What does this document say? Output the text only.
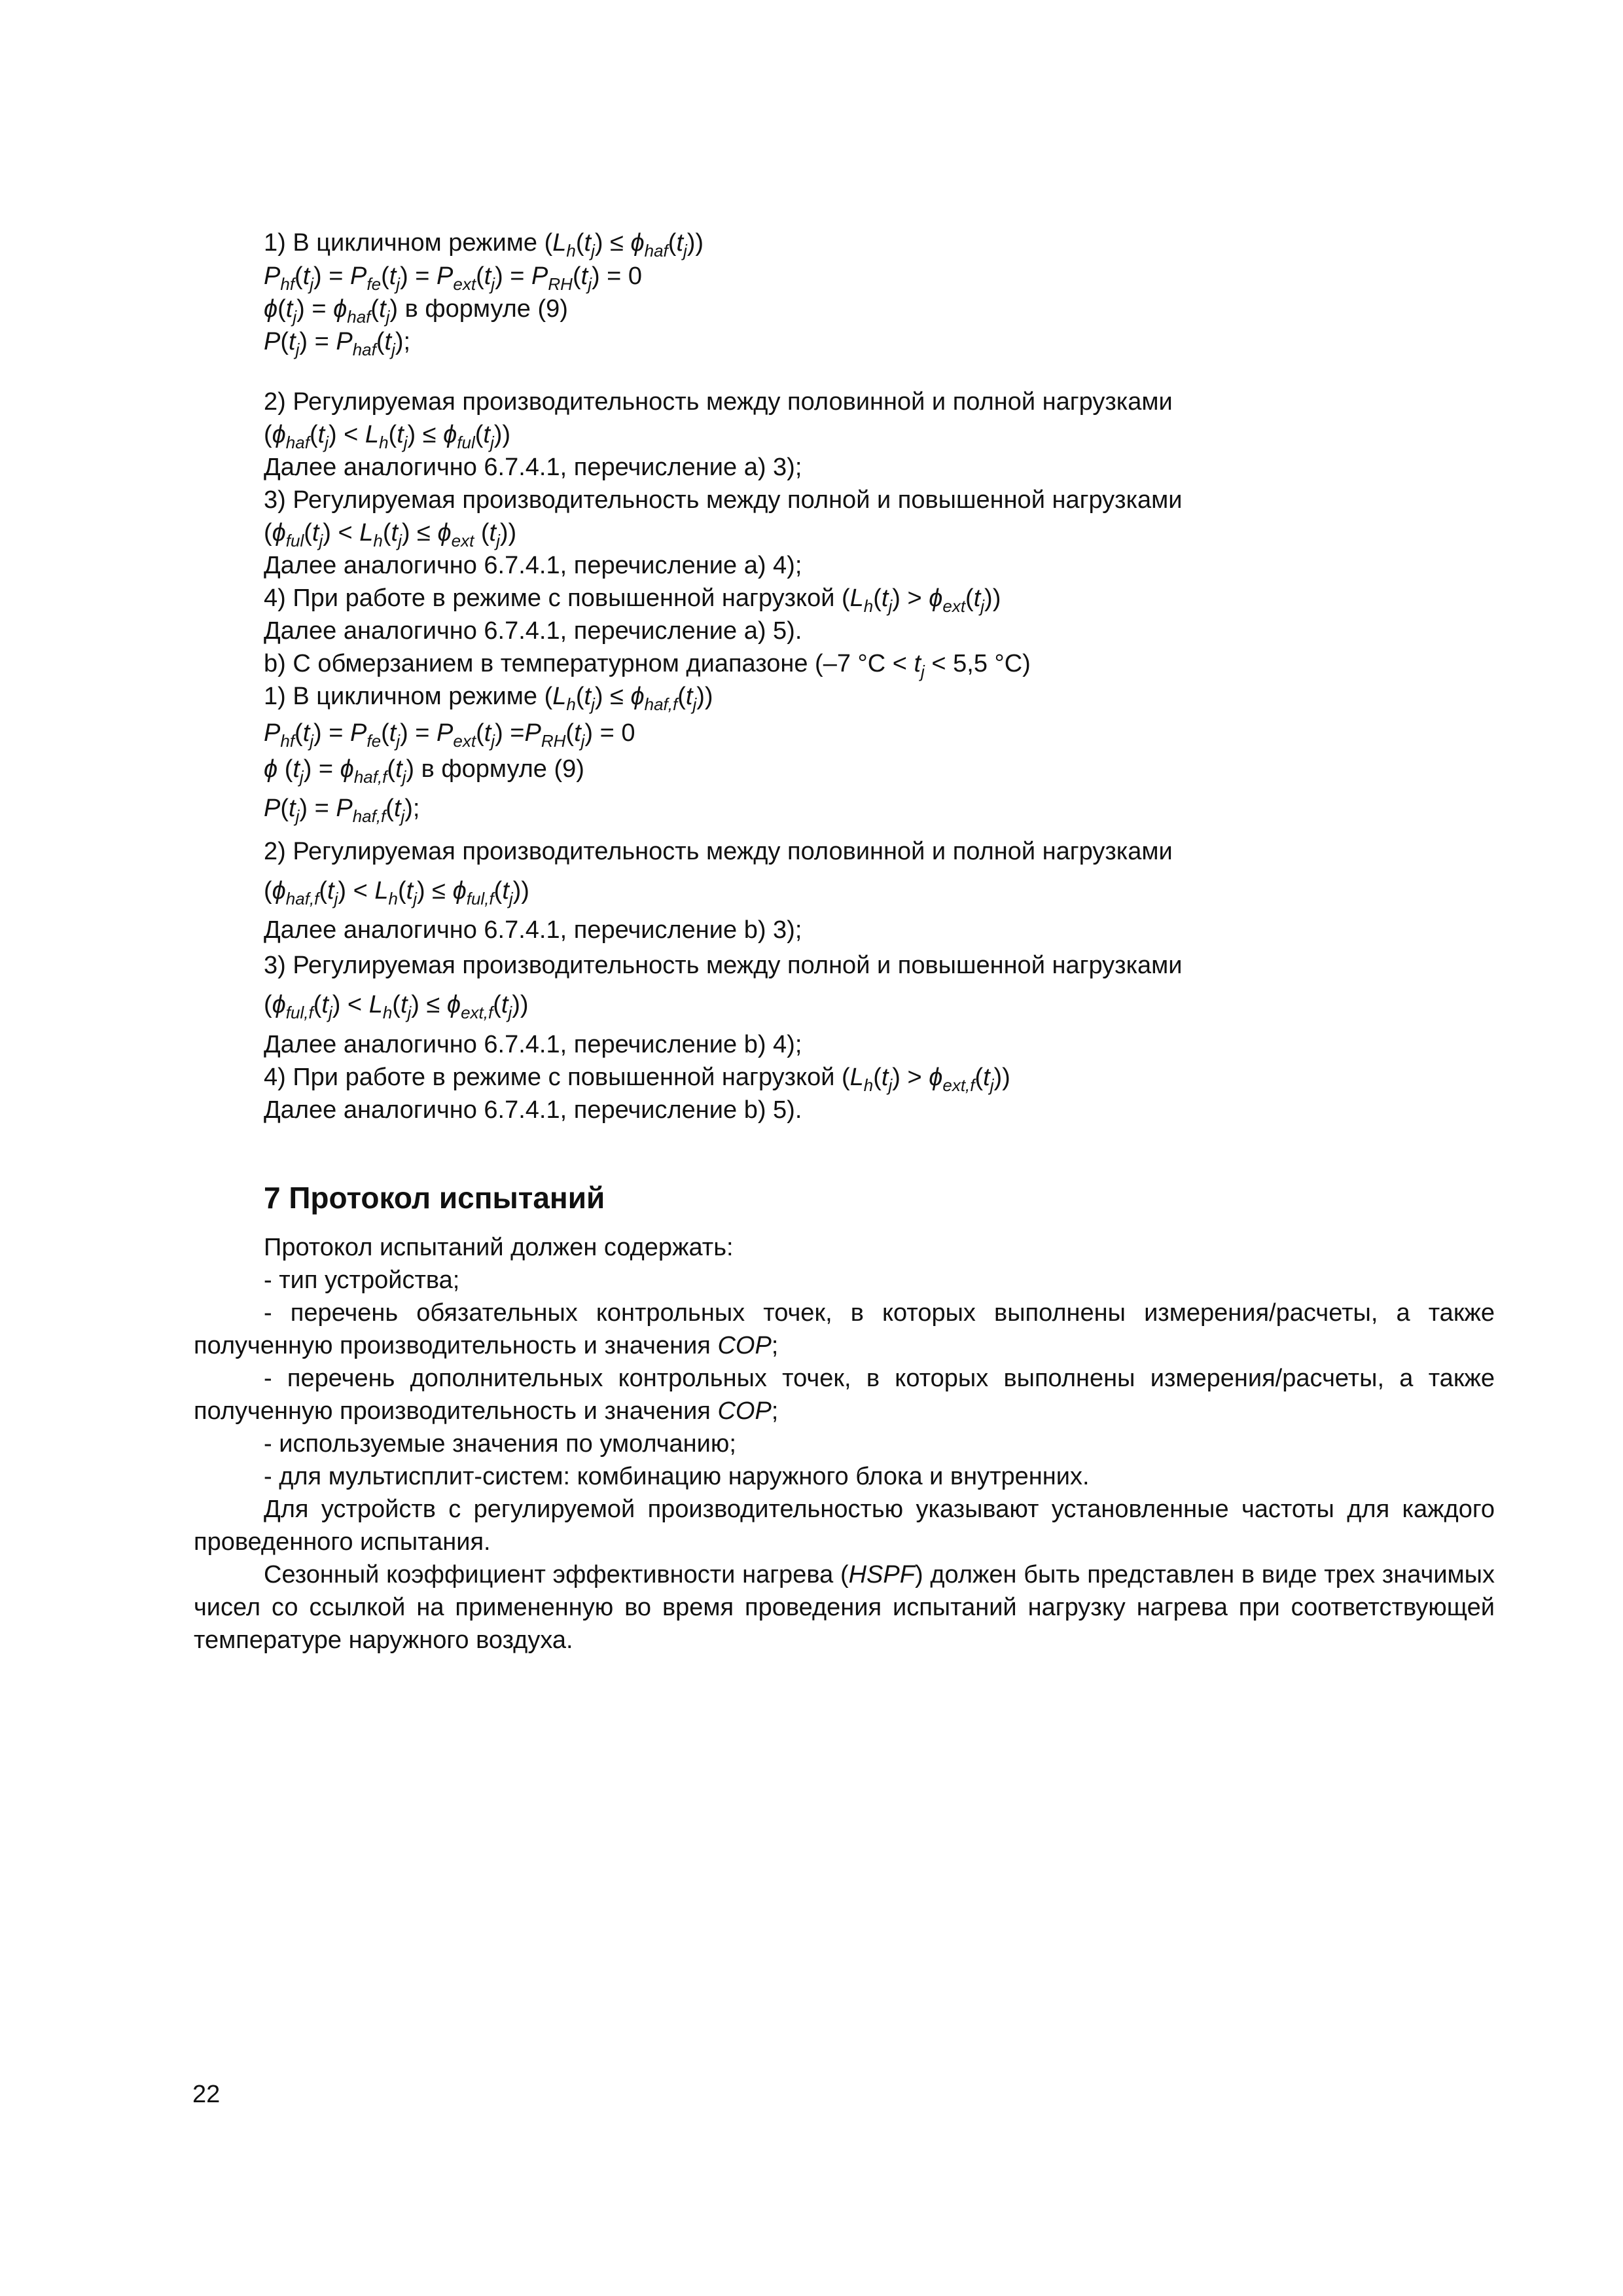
1) В цикличном режиме $(L_h(t_j) \le \phi_{haf}(t_j))$
$P_{hf}(t_j) = P_{fe}(t_j) = P_{ext}(t_j) = P_{RH}(t_j) = 0$
$\phi(t_j) = \phi_{haf}(t_j)$ в формуле (9)
$P(t_j) = P_{haf}(t_j)$;
2) Регулируемая производительность между половинной и полной нагрузками
$(\phi_{haf}(t_j) < L_h(t_j) \le \phi_{ful}(t_j))$
Далее аналогично 6.7.4.1, перечисление а) 3);
3) Регулируемая производительность между полной и повышенной нагрузками
($\phi_{ful}(t_j) < L_h(t_j) \le \phi_{ext}$ $(t_j)$)
Далее аналогично 6.7.4.1, перечисление а) 4);
4) При работе в режиме с повышенной нагрузкой $(L_h(t_j) > \phi_{ext}(t_j))$
Далее аналогично 6.7.4.1, перечисление а) 5).
b) С обмерзанием в температурном диапазоне (–7 $^\circ С < t_j < 5,5$ °С)
1) В цикличном режиме $(L_h(t_j) \le \phi_{haf,f}(t_j))$
$P_{hf}(t_j) = P_{fe}(t_j) = P_{ext}(t_j) =P_{RH}(t_j) = 0$
ϕ $(t_j) = \phi_{haf,f}(t_j)$ в формуле (9)
$P(t_j) = P_{haf,f}(t_j)$;
2) Регулируемая производительность между половинной и полной нагрузками
$(\phi_{haf,f}(t_j) < L_h(t_j) \le \phi_{ful,f}(t_j))$
Далее аналогично 6.7.4.1, перечисление b) 3);
3) Регулируемая производительность между полной и повышенной нагрузками
$(\phi_{ful,f}(t_j) < L_h(t_j) \le \phi_{ext,f}(t_j))$
Далее аналогично 6.7.4.1, перечисление b) 4);
4) При работе в режиме с повышенной нагрузкой $(L_h(t_j) > \phi_{ext,f}(t_j))$
Далее аналогично 6.7.4.1, перечисление b) 5).
7 Протокол испытаний
Протокол испытаний должен содержать:
- тип устройства;
- перечень обязательных контрольных точек, в которых выполнены измерения/расчеты, а также полученную производительность и значения COP;
- перечень дополнительных контрольных точек, в которых выполнены измерения/расчеты, а также полученную производительность и значения COP;
- используемые значения по умолчанию;
- для мультисплит-систем: комбинацию наружного блока и внутренних.
Для устройств с регулируемой производительностью указывают установленные частоты для каждого проведенного испытания.
Сезонный коэффициент эффективности нагрева (HSPF) должен быть представлен в виде трех значимых чисел со ссылкой на примененную во время проведения испытаний нагрузку нагрева при соответствующей температуре наружного воздуха.
22
